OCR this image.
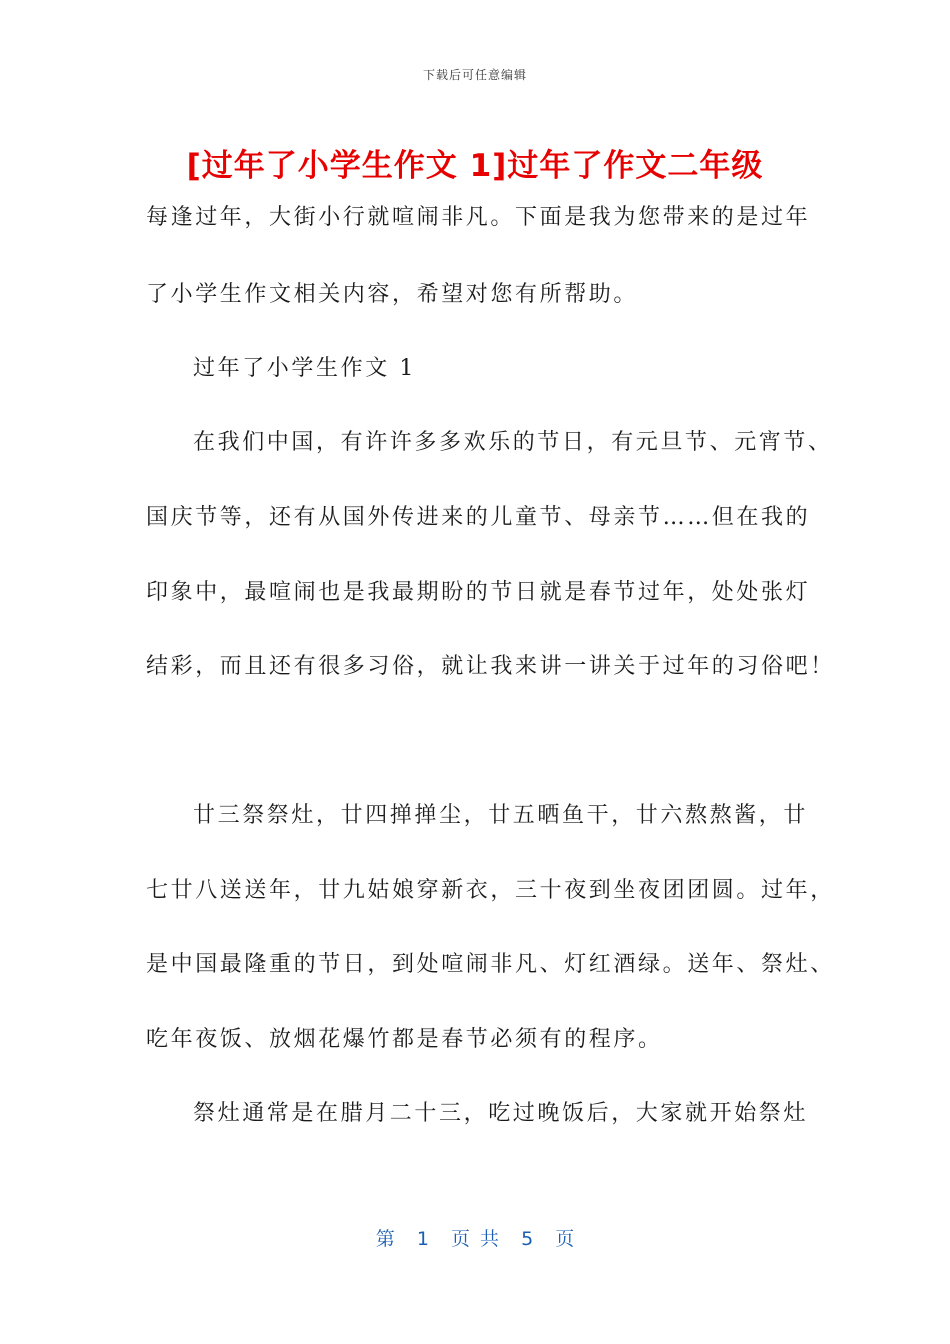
下载后可任意编辑
[过年了小学生作文 1]过年了作文二年级
每逢过年，大街小行就喧闹非凡。下面是我为您带来的是过年
了小学生作文相关内容，希望对您有所帮助。
过年了小学生作文 1
在我们中国，有许许多多欢乐的节日，有元旦节、元宵节、
国庆节等，还有从国外传进来的儿童节、母亲节……但在我的
印象中，最喧闹也是我最期盼的节日就是春节过年，处处张灯
结彩，而且还有很多习俗，就让我来讲一讲关于过年的习俗吧！
廿三祭祭灶，廿四掸掸尘，廿五晒鱼干，廿六熬熬酱，廿
七廿八送送年，廿九姑娘穿新衣，三十夜到坐夜团团圆。过年，
是中国最隆重的节日，到处喧闹非凡、灯红酒绿。送年、祭灶、
吃年夜饭、放烟花爆竹都是春节必须有的程序。
祭灶通常是在腊月二十三，吃过晚饭后，大家就开始祭灶
第 1 页 共 5 页
